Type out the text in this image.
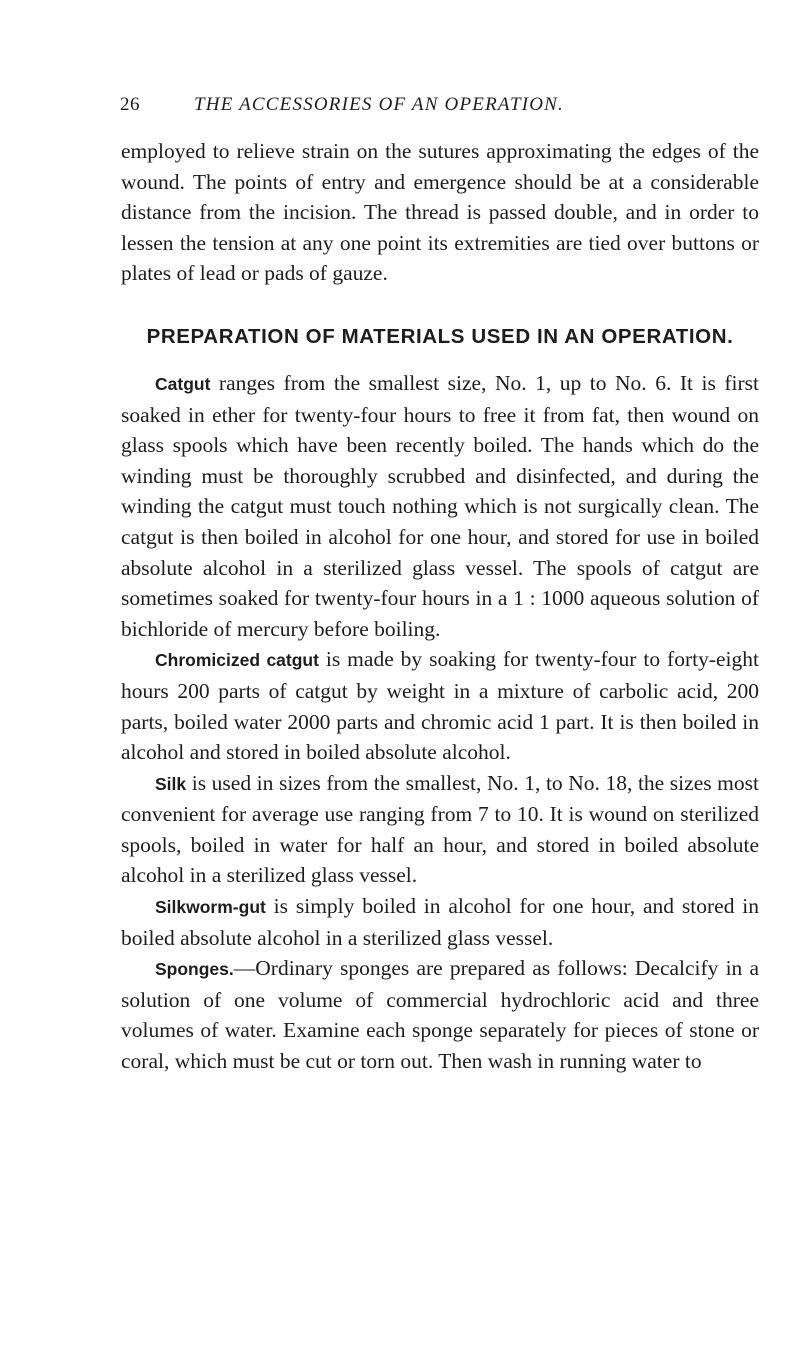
26	THE ACCESSORIES OF AN OPERATION.

employed to relieve strain on the sutures approximating the edges of the wound. The points of entry and emergence should be at a considerable distance from the incision. The thread is passed double, and in order to lessen the tension at any one point its extremities are tied over buttons or plates of lead or pads of gauze.

PREPARATION OF MATERIALS USED IN AN OPERATION.

Catgut ranges from the smallest size, No. 1, up to No. 6. It is first soaked in ether for twenty-four hours to free it from fat, then wound on glass spools which have been recently boiled. The hands which do the winding must be thoroughly scrubbed and disinfected, and during the winding the catgut must touch nothing which is not surgically clean. The catgut is then boiled in alcohol for one hour, and stored for use in boiled absolute alcohol in a sterilized glass vessel. The spools of catgut are sometimes soaked for twenty-four hours in a 1 : 1000 aqueous solution of bichloride of mercury before boiling.

Chromicized catgut is made by soaking for twenty-four to forty-eight hours 200 parts of catgut by weight in a mixture of carbolic acid, 200 parts, boiled water 2000 parts and chromic acid 1 part. It is then boiled in alcohol and stored in boiled absolute alcohol.

Silk is used in sizes from the smallest, No. 1, to No. 18, the sizes most convenient for average use ranging from 7 to 10. It is wound on sterilized spools, boiled in water for half an hour, and stored in boiled absolute alcohol in a sterilized glass vessel.

Silkworm-gut is simply boiled in alcohol for one hour, and stored in boiled absolute alcohol in a sterilized glass vessel.

Sponges.—Ordinary sponges are prepared as follows: Decalcify in a solution of one volume of commercial hydrochloric acid and three volumes of water. Examine each sponge separately for pieces of stone or coral, which must be cut or torn out. Then wash in running water to
